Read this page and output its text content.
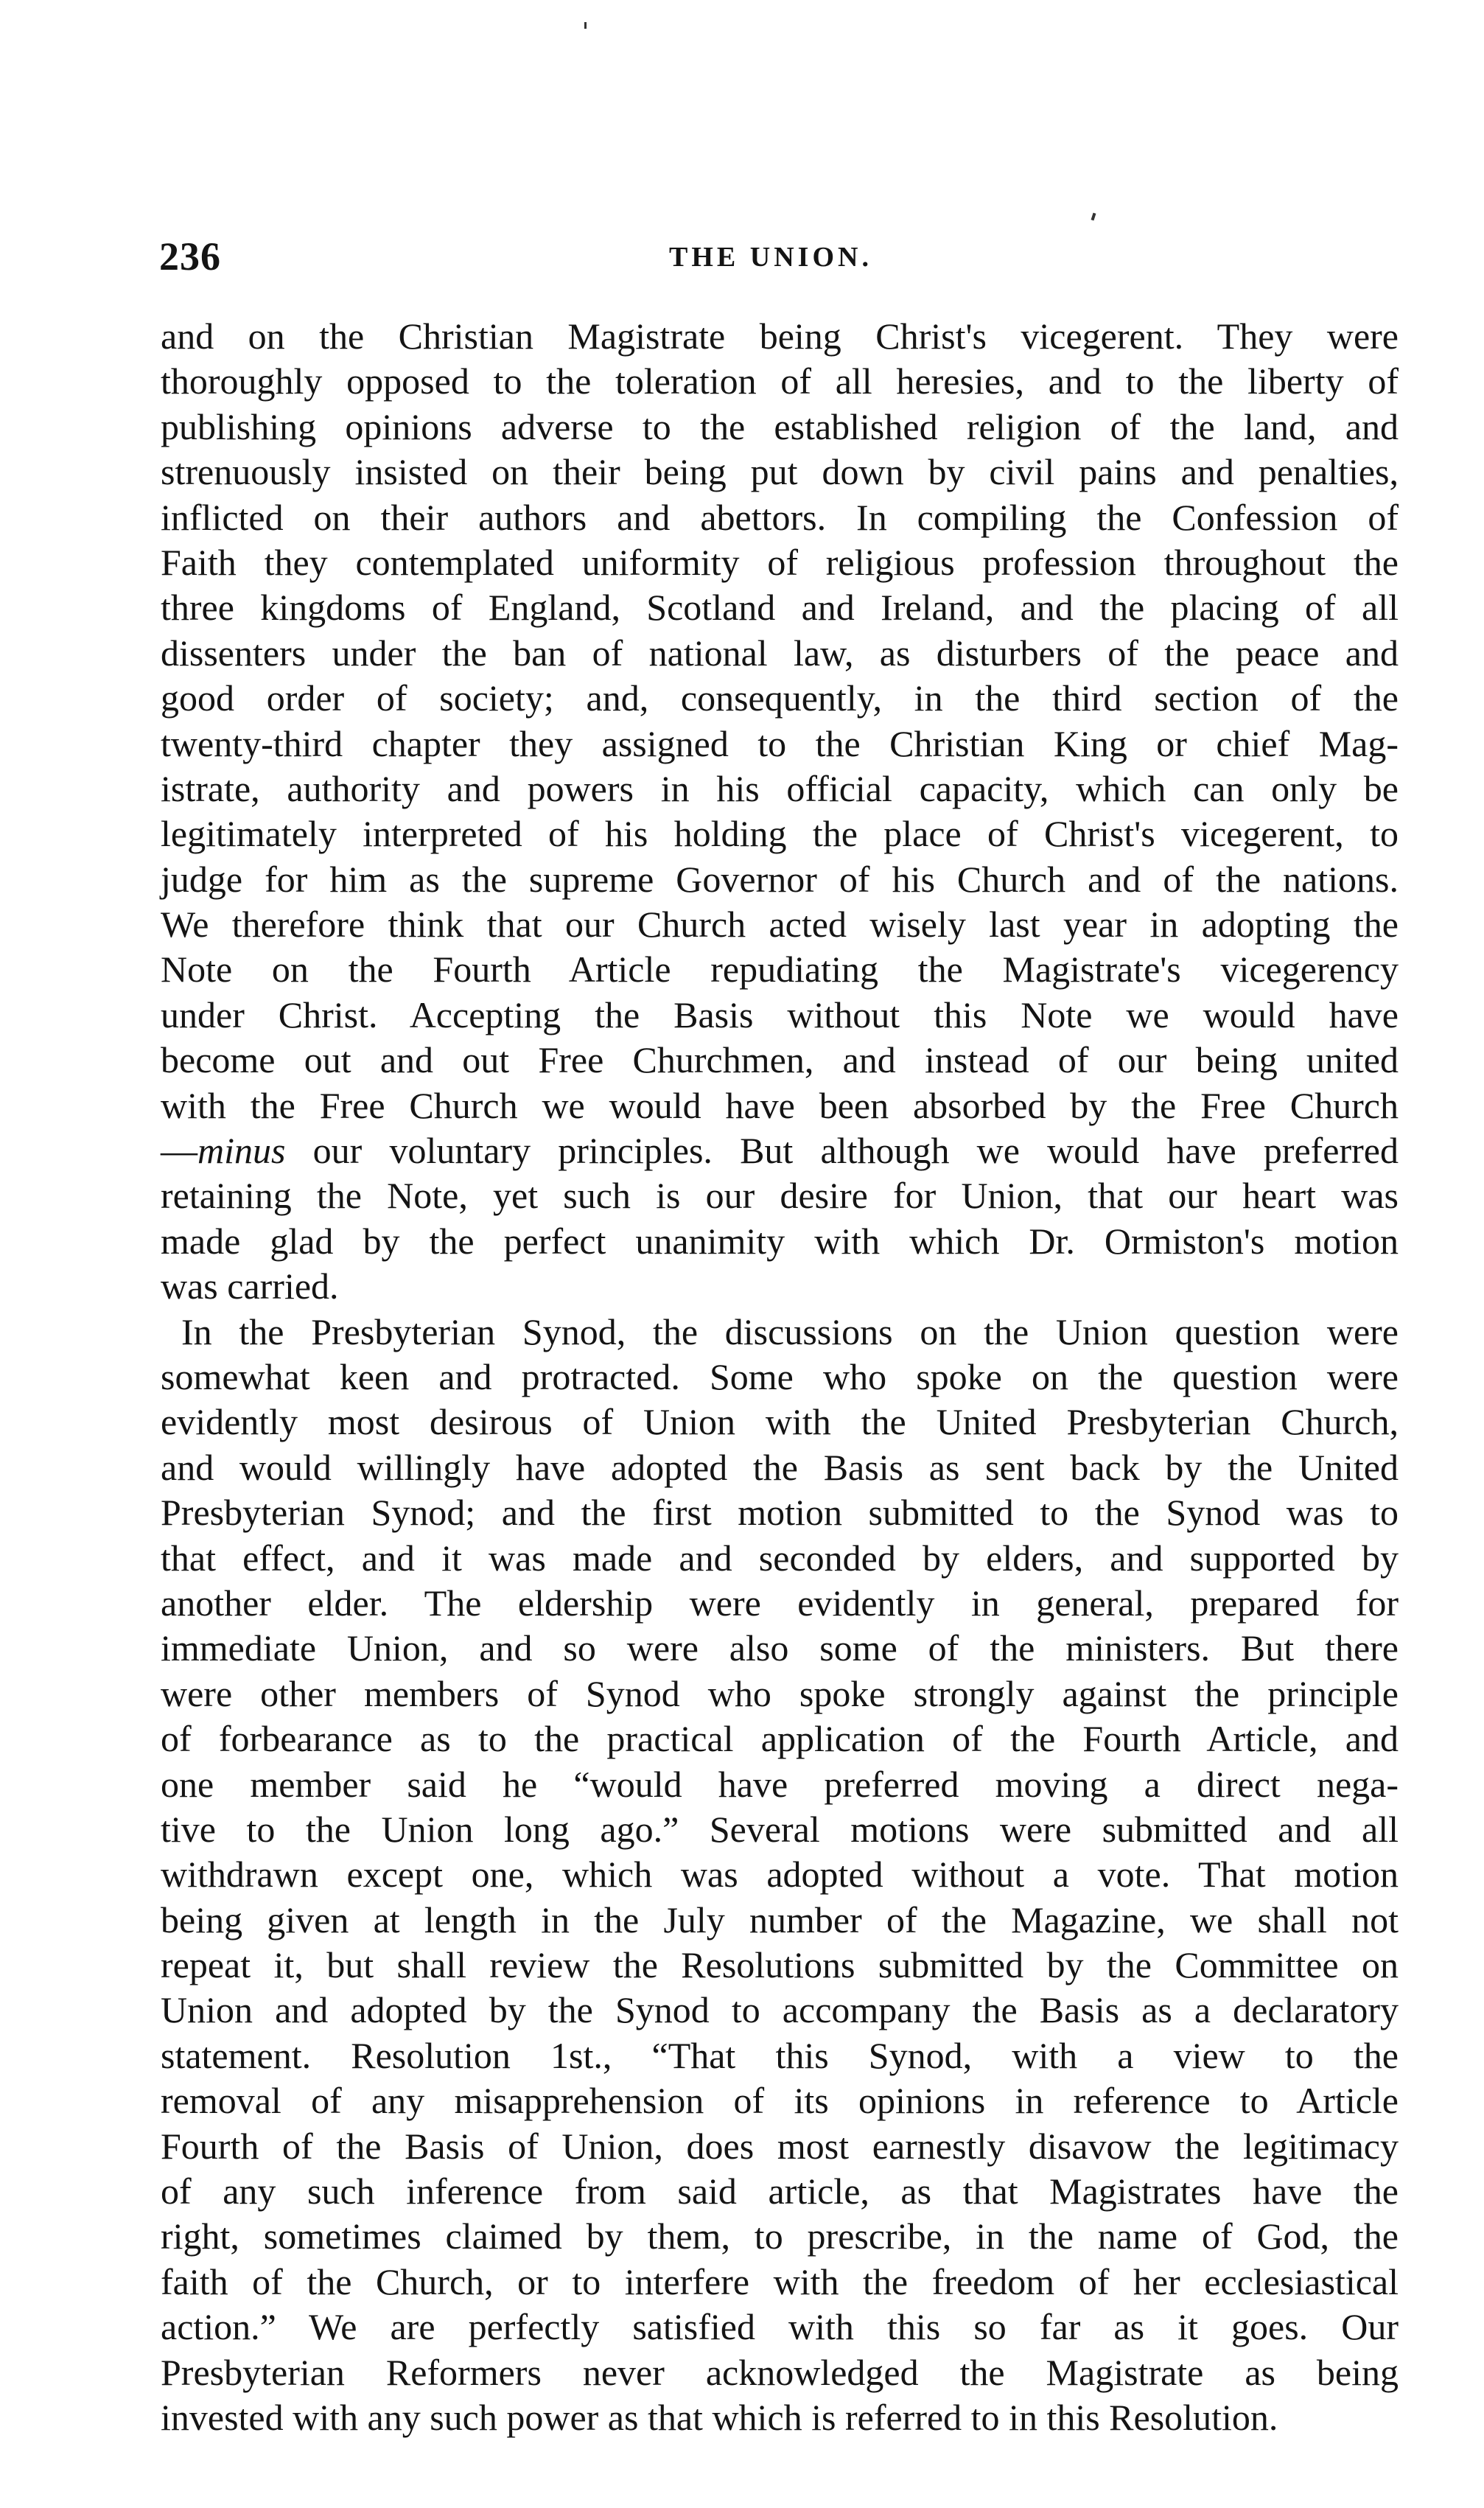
236	THE UNION.
and on the Christian Magistrate being Christ's vicegerent. They were
thoroughly opposed to the toleration of all heresies, and to the liberty of
publishing opinions adverse to the established religion of the land, and
strenuously insisted on their being put down by civil pains and penalties,
inflicted on their authors and abettors. In compiling the Confession of
Faith they contemplated uniformity of religious profession throughout the
three kingdoms of England, Scotland and Ireland, and the placing of all
dissenters under the ban of national law, as disturbers of the peace and
good order of society; and, consequently, in the third section of the
twenty-third chapter they assigned to the Christian King or chief Mag-
istrate, authority and powers in his official capacity, which can only be
legitimately interpreted of his holding the place of Christ's vicegerent, to
judge for him as the supreme Governor of his Church and of the nations.
We therefore think that our Church acted wisely last year in adopting the
Note on the Fourth Article repudiating the Magistrate's vicegerency
under Christ. Accepting the Basis without this Note we would have
become out and out Free Churchmen, and instead of our being united
with the Free Church we would have been absorbed by the Free Church
—minus our voluntary principles. But although we would have preferred
retaining the Note, yet such is our desire for Union, that our heart was
made glad by the perfect unanimity with which Dr. Ormiston's motion
was carried.
In the Presbyterian Synod, the discussions on the Union question were
somewhat keen and protracted. Some who spoke on the question were
evidently most desirous of Union with the United Presbyterian Church,
and would willingly have adopted the Basis as sent back by the United
Presbyterian Synod; and the first motion submitted to the Synod was to
that effect, and it was made and seconded by elders, and supported by
another elder. The eldership were evidently in general, prepared for
immediate Union, and so were also some of the ministers. But there
were other members of Synod who spoke strongly against the principle
of forbearance as to the practical application of the Fourth Article, and
one member said he “would have preferred moving a direct nega-
tive to the Union long ago.” Several motions were submitted and all
withdrawn except one, which was adopted without a vote. That motion
being given at length in the July number of the Magazine, we shall not
repeat it, but shall review the Resolutions submitted by the Committee on
Union and adopted by the Synod to accompany the Basis as a declaratory
statement. Resolution 1st., “That this Synod, with a view to the
removal of any misapprehension of its opinions in reference to Article
Fourth of the Basis of Union, does most earnestly disavow the legitimacy
of any such inference from said article, as that Magistrates have the
right, sometimes claimed by them, to prescribe, in the name of God, the
faith of the Church, or to interfere with the freedom of her ecclesiastical
action.” We are perfectly satisfied with this so far as it goes. Our
Presbyterian Reformers never acknowledged the Magistrate as being
invested with any such power as that which is referred to in this Resolution.
